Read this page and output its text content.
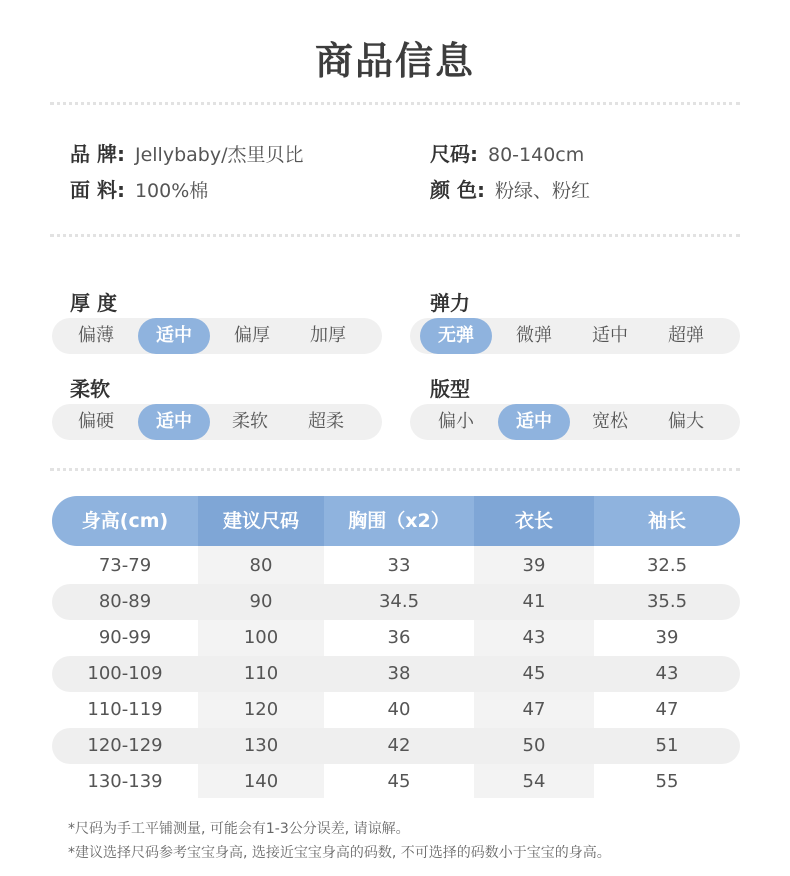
商品信息
品 牌: Jellybaby/杰里贝比	尺码: 80-140cm
面 料: 100%棉	颜 色: 粉绿、粉红
厚 度
偏薄	适中	偏厚	加厚
弹力
无弹	微弹	适中	超弹
柔软
偏硬	适中	柔软	超柔
版型
偏小	适中	宽松	偏大
身高(cm)	建议尺码	胸围（x2）	衣长	袖长
73-79	80	33	39	32.5
80-89	90	34.5	41	35.5
90-99	100	36	43	39
100-109	110	38	45	43
110-119	120	40	47	47
120-129	130	42	50	51
130-139	140	45	54	55
*尺码为手工平铺测量, 可能会有1-3公分误差, 请谅解。
*建议选择尺码参考宝宝身高, 选接近宝宝身高的码数, 不可选择的码数小于宝宝的身高。
